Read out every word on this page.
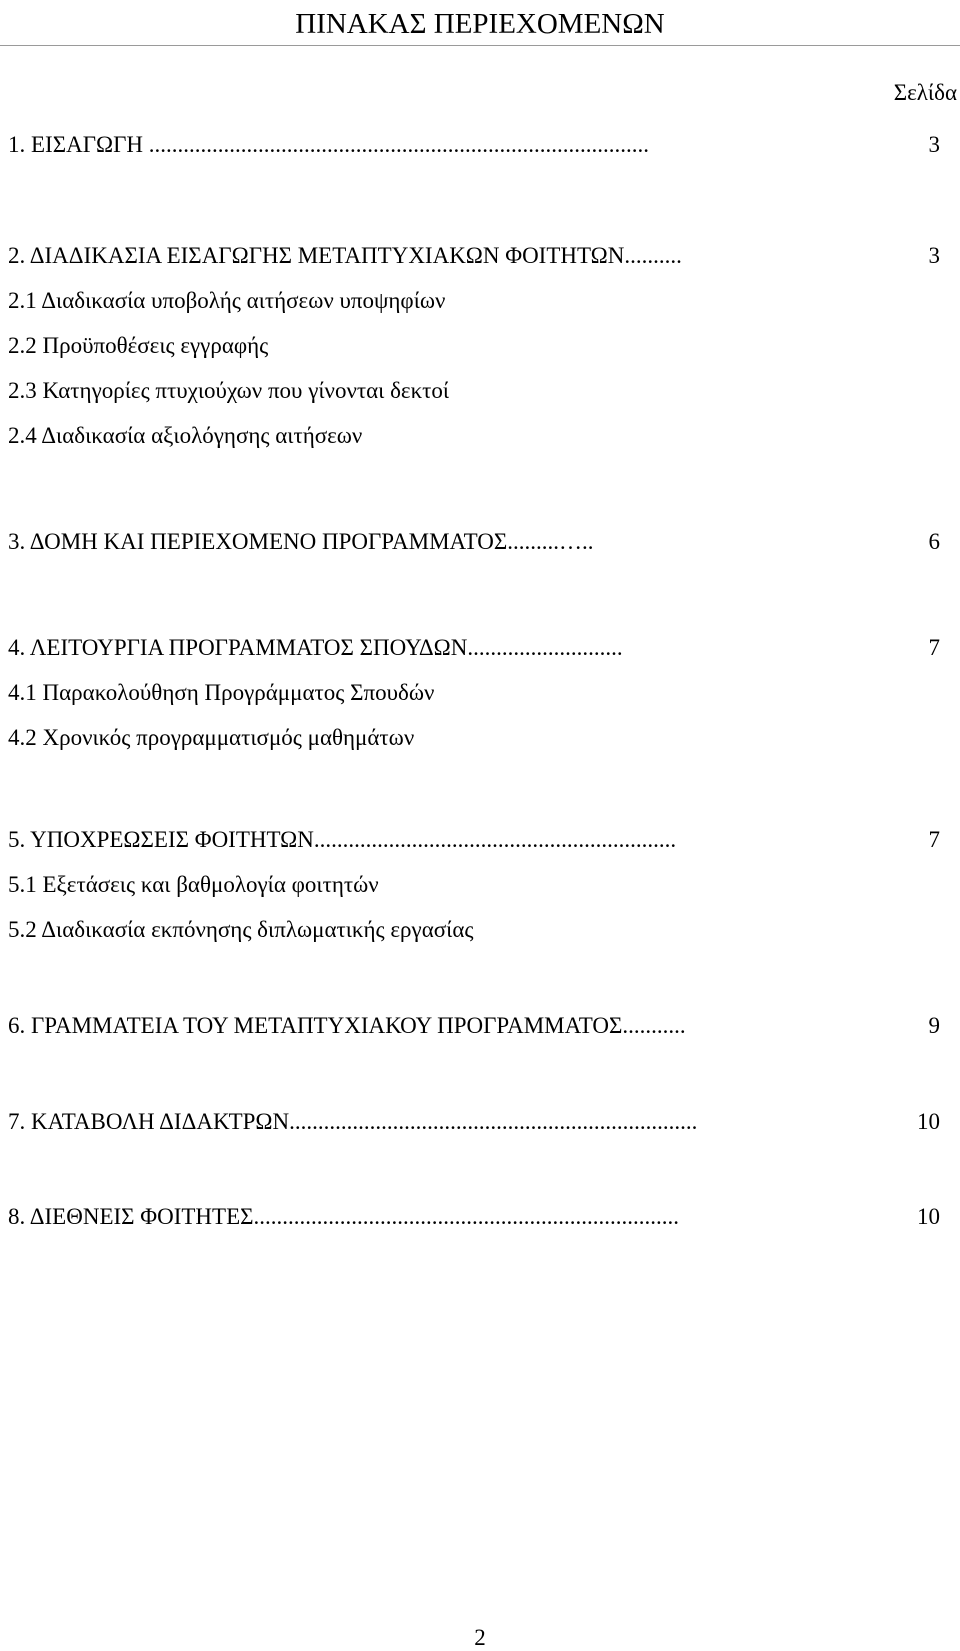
ΠΙΝΑΚΑΣ ΠΕΡΙΕΧΟΜΕΝΩΝ
Σελίδα
1. ΕΙΣΑΓΩΓΗ .......................................................................................	3
2. ΔΙΑΔΙΚΑΣΙΑ ΕΙΣΑΓΩΓΗΣ ΜΕΤΑΠΤΥΧΙΑΚΩΝ ΦΟΙΤΗΤΩΝ..........	3
2.1 Διαδικασία υποβολής αιτήσεων υποψηφίων
2.2 Προϋποθέσεις εγγραφής
2.3 Κατηγορίες πτυχιούχων που γίνονται δεκτοί
2.4 Διαδικασία αξιολόγησης αιτήσεων
3. ΔΟΜΗ ΚΑΙ ΠΕΡΙΕΧΟΜΕΝΟ ΠΡΟΓΡΑΜΜΑΤΟΣ.........…..	6
4. ΛΕΙΤΟΥΡΓΙΑ ΠΡΟΓΡΑΜΜΑΤΟΣ ΣΠΟΥΔΩΝ...........................	7
4.1 Παρακολούθηση Προγράμματος Σπουδών
4.2 Χρονικός προγραμματισμός μαθημάτων
5. ΥΠΟΧΡΕΩΣΕΙΣ ΦΟΙΤΗΤΩΝ...............................................................	7
5.1 Εξετάσεις και βαθμολογία φοιτητών
5.2 Διαδικασία εκπόνησης διπλωματικής εργασίας
6. ΓΡΑΜΜΑΤΕΙΑ ΤΟΥ ΜΕΤΑΠΤΥΧΙΑΚΟΥ ΠΡΟΓΡΑΜΜΑΤΟΣ...........	9
7. ΚΑΤΑΒΟΛΗ ΔΙΔΑΚΤΡΩΝ.......................................................................	10
8. ΔΙΕΘΝΕΙΣ ΦΟΙΤΗΤΕΣ..........................................................................	10
2
